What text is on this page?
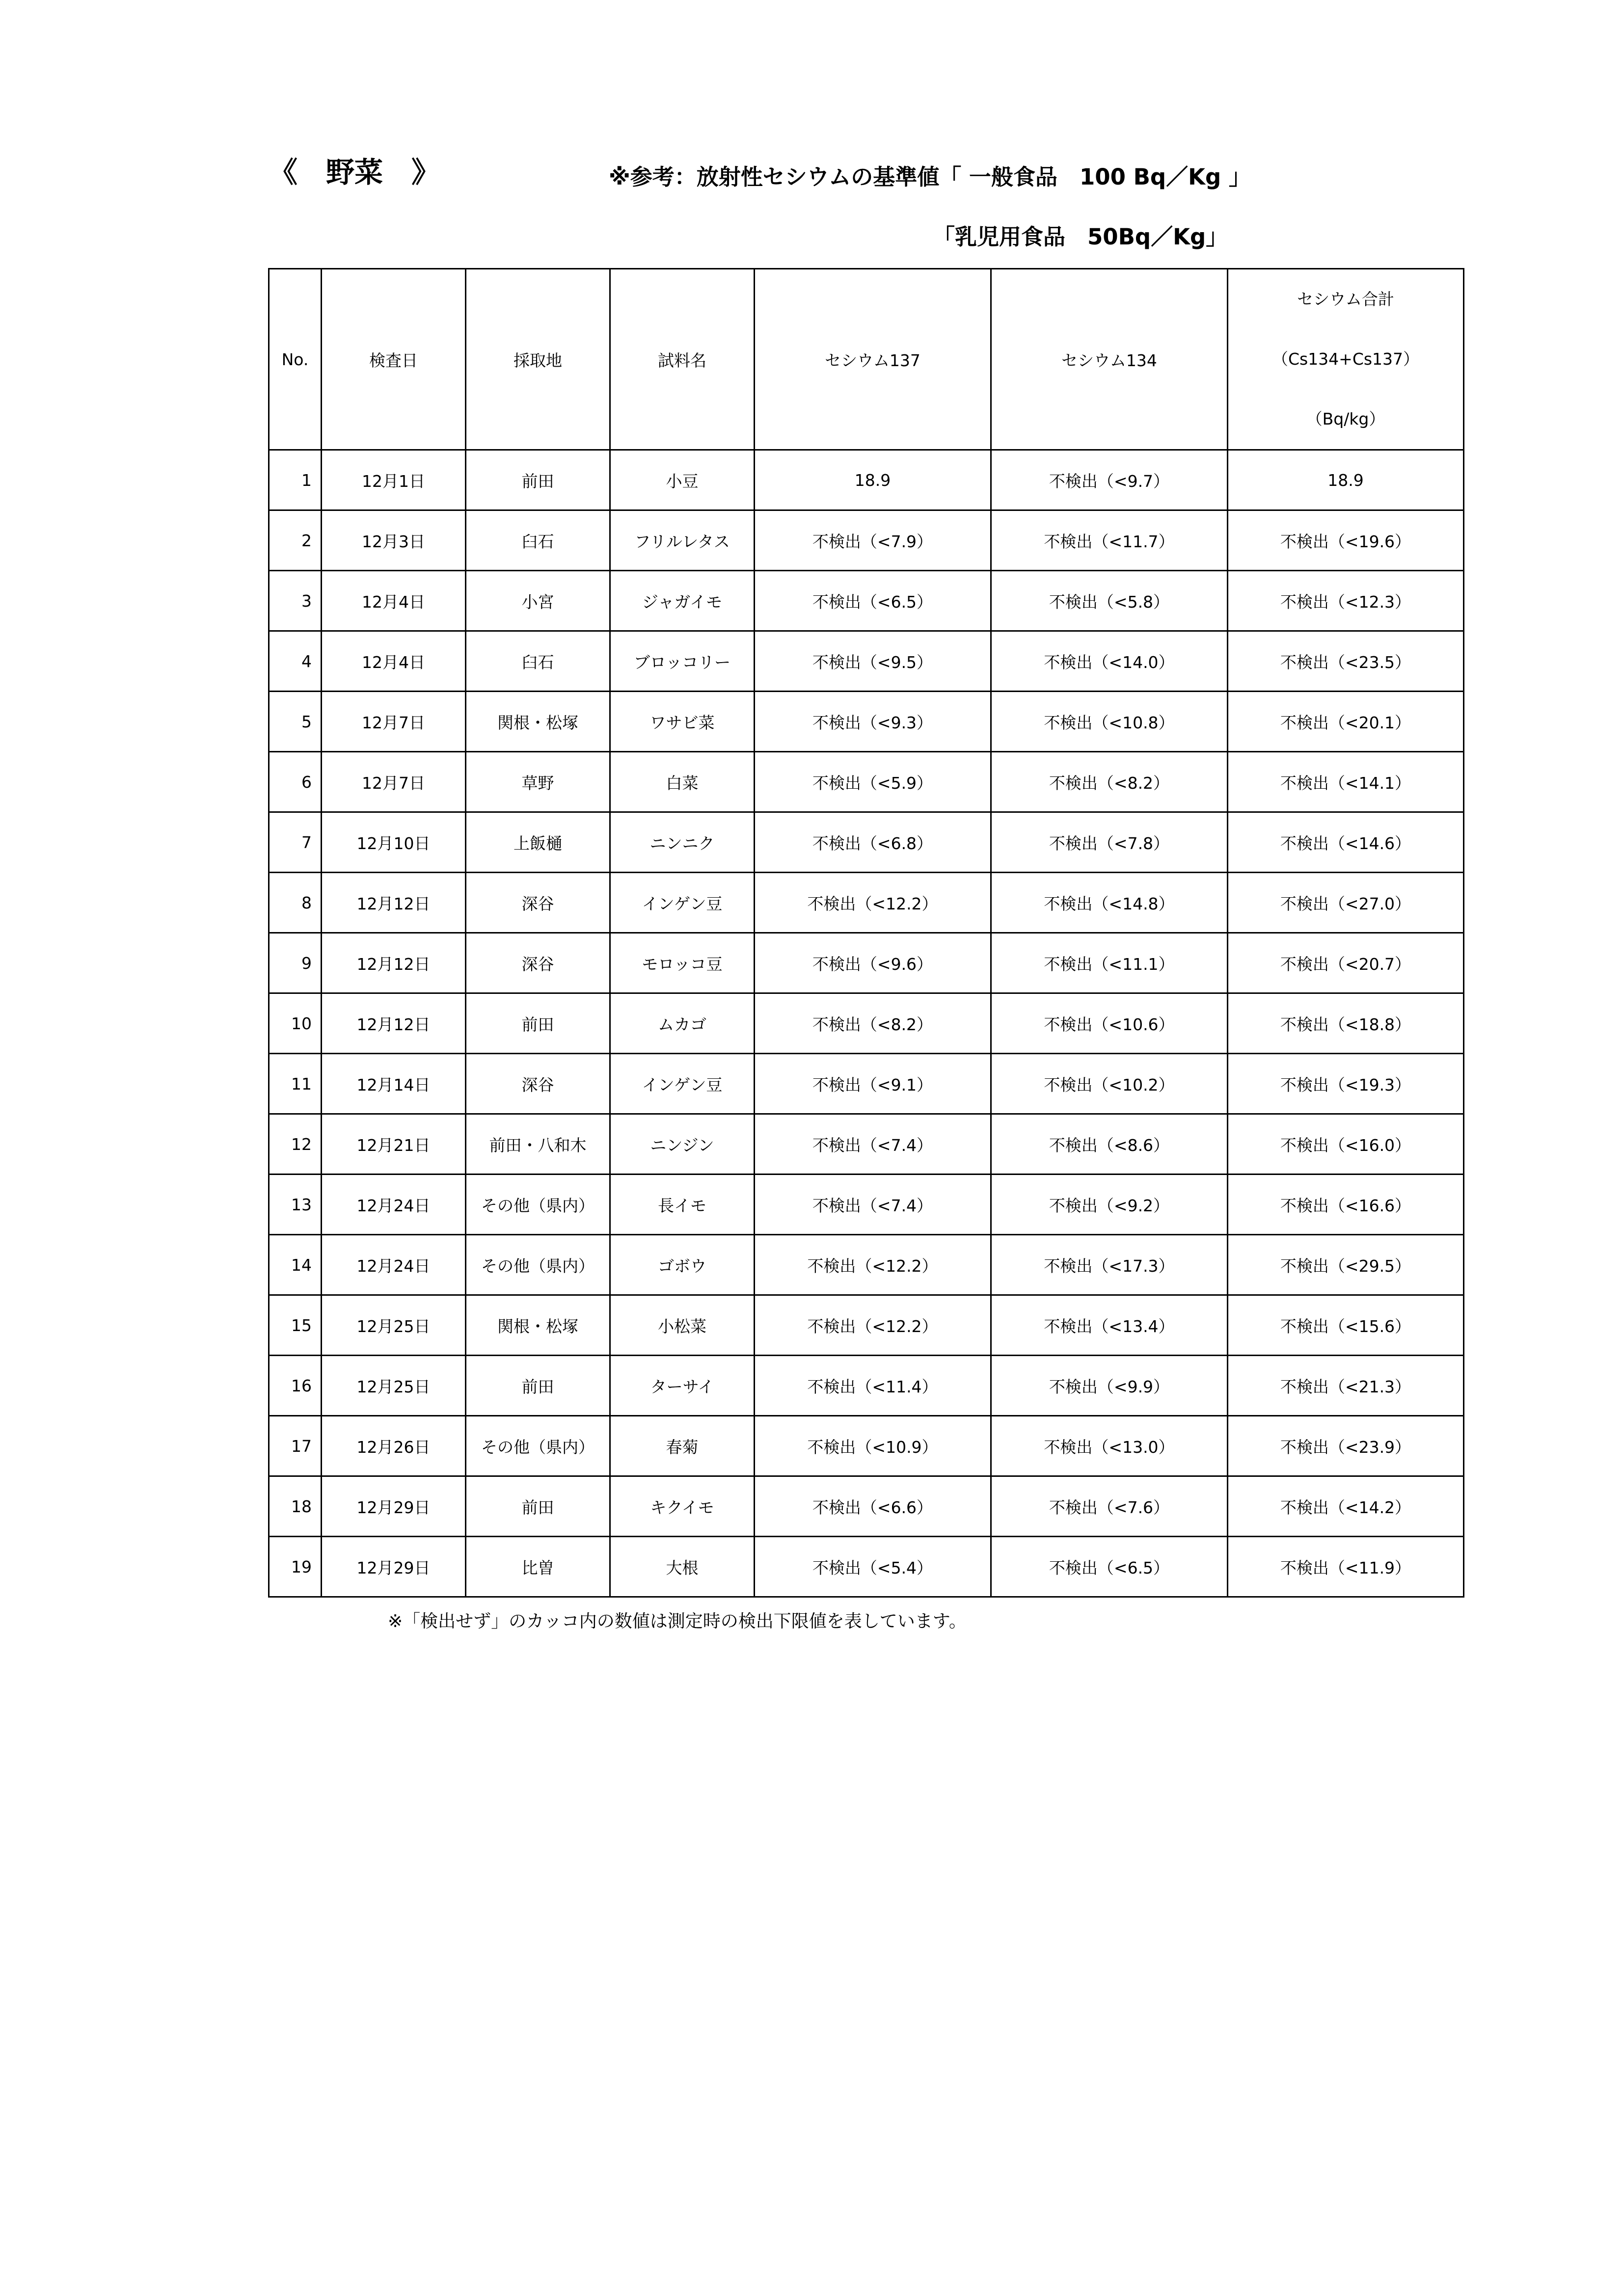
《　野菜　》	※参考：放射性セシウムの基準値「 一般食品　100 Bq／Kg 」
「乳児用食品　50Bq／Kg」
No.	検査日	採取地	試料名	セシウム137	セシウム134	セシウム合計
（Cs134+Cs137）
（Bq/kg）

1	12月1日	前田	小豆	18.9	不検出（<9.7）	18.9
2	12月3日	臼石	フリルレタス	不検出（<7.9）	不検出（<11.7）	不検出（<19.6）
3	12月4日	小宮	ジャガイモ	不検出（<6.5）	不検出（<5.8）	不検出（<12.3）
4	12月4日	臼石	ブロッコリー	不検出（<9.5）	不検出（<14.0）	不検出（<23.5）
5	12月7日	関根・松塚	ワサビ菜	不検出（<9.3）	不検出（<10.8）	不検出（<20.1）
6	12月7日	草野	白菜	不検出（<5.9）	不検出（<8.2）	不検出（<14.1）
7	12月10日	上飯樋	ニンニク	不検出（<6.8）	不検出（<7.8）	不検出（<14.6）
8	12月12日	深谷	インゲン豆	不検出（<12.2）	不検出（<14.8）	不検出（<27.0）
9	12月12日	深谷	モロッコ豆	不検出（<9.6）	不検出（<11.1）	不検出（<20.7）
10	12月12日	前田	ムカゴ	不検出（<8.2）	不検出（<10.6）	不検出（<18.8）
11	12月14日	深谷	インゲン豆	不検出（<9.1）	不検出（<10.2）	不検出（<19.3）
12	12月21日	前田・八和木	ニンジン	不検出（<7.4）	不検出（<8.6）	不検出（<16.0）
13	12月24日	その他（県内）	長イモ	不検出（<7.4）	不検出（<9.2）	不検出（<16.6）
14	12月24日	その他（県内）	ゴボウ	不検出（<12.2）	不検出（<17.3）	不検出（<29.5）
15	12月25日	関根・松塚	小松菜	不検出（<12.2）	不検出（<13.4）	不検出（<15.6）
16	12月25日	前田	ターサイ	不検出（<11.4）	不検出（<9.9）	不検出（<21.3）
17	12月26日	その他（県内）	春菊	不検出（<10.9）	不検出（<13.0）	不検出（<23.9）
18	12月29日	前田	キクイモ	不検出（<6.6）	不検出（<7.6）	不検出（<14.2）
19	12月29日	比曽	大根	不検出（<5.4）	不検出（<6.5）	不検出（<11.9）
※「検出せず」のカッコ内の数値は測定時の検出下限値を表しています。
